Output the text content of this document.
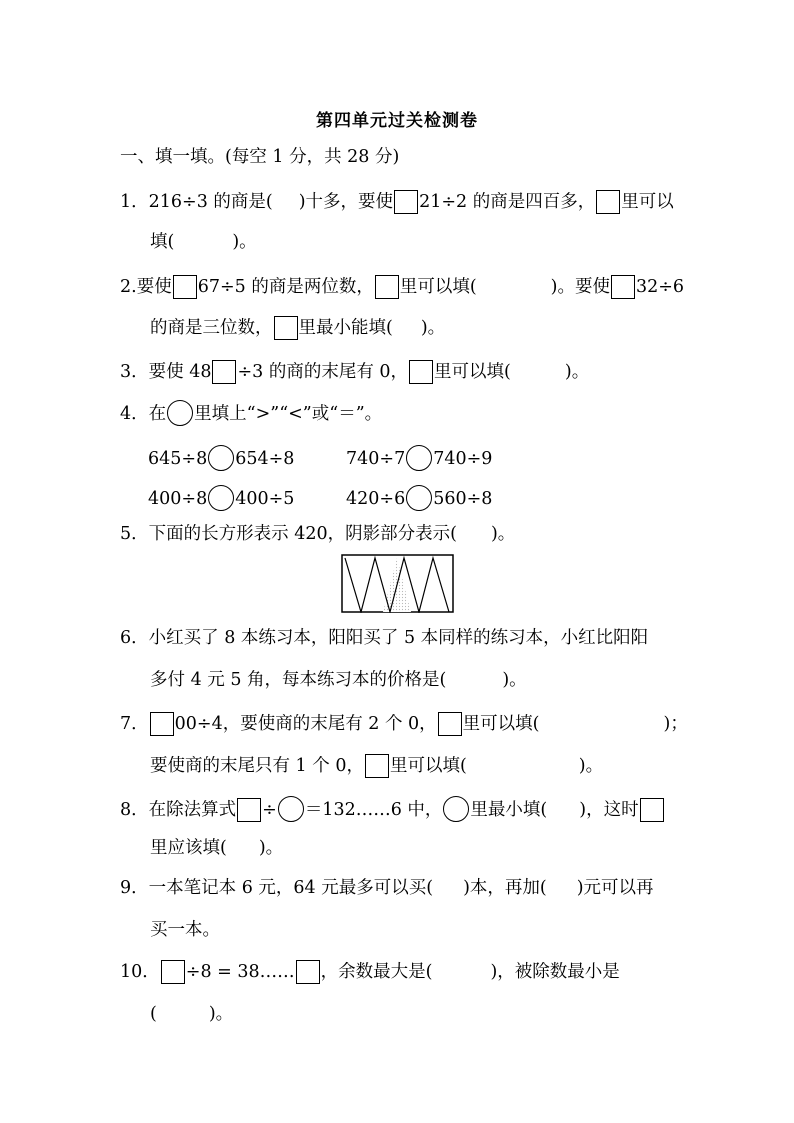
第四单元过关检测卷
一、填一填。(每空 1 分，共 28 分)
1． 216÷3 的商是( )十多，要使 21÷2 的商是四百多， 里可以
填(	)。
2. 要使 67÷5 的商是两位数， 里可以填(	)。要使 32÷6
的商是三位数， 里最小能填( )。
3． 要使 48 ÷3 的商的末尾有 0， 里可以填(	)。
4． 在 里填上“>”“<”或“＝”。
645÷8 654÷8	740÷7 740÷9
400÷8 400÷5	420÷6 560÷8
5． 下面的长方形表示 420，阴影部分表示( )。
6． 小红买了 8 本练习本，阳阳买了 5 本同样的练习本，小红比阳阳
多付 4 元 5 角，每本练习本的价格是(	)。
7． 00÷4，要使商的末尾有 2 个 0， 里可以填(	)；
要使商的末尾只有 1 个 0， 里可以填(	)。
8． 在除法算式 ÷ ＝132……6 中， 里最小填( )，这时
里应该填( )。
9． 一本笔记本 6 元，64 元最多可以买( )本，再加( )元可以再
买一本。
10． ÷8 = 38…… ，余数最大是(	)，被除数最小是
(	)。
